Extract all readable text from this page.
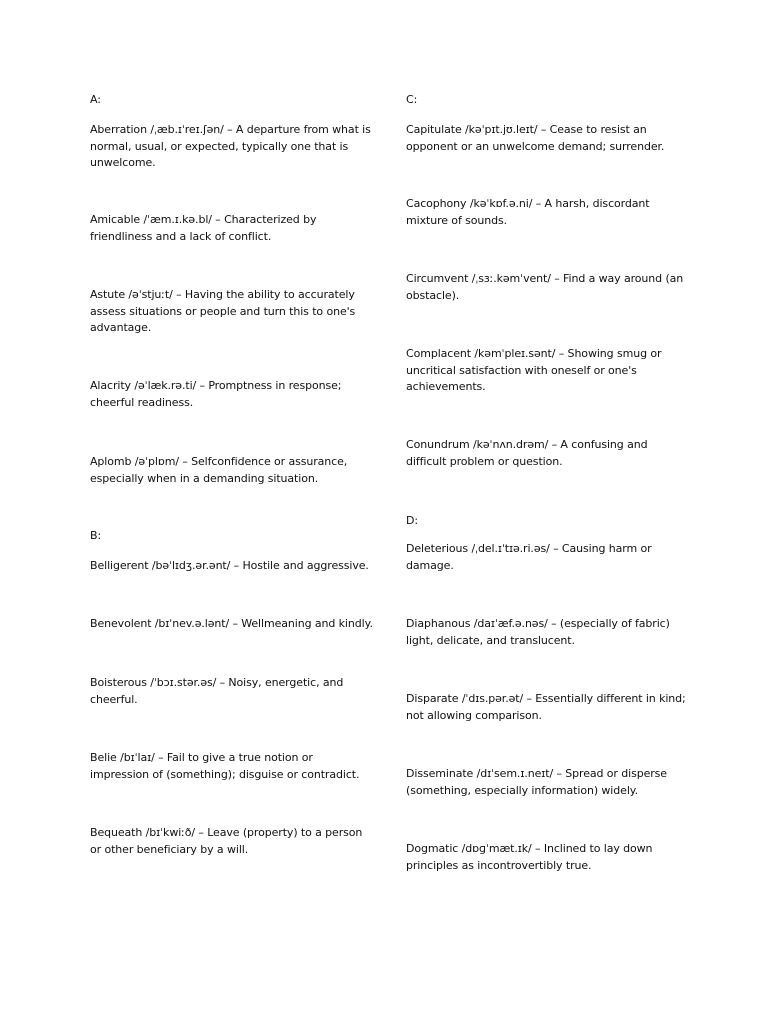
A:

Aberration /ˌæb.ɪˈreɪ.ʃən/ – A departure from what is normal, usual, or expected, typically one that is unwelcome.

Amicable /ˈæm.ɪ.kə.bl/ – Characterized by friendliness and a lack of conflict.

Astute /əˈstjuːt/ – Having the ability to accurately assess situations or people and turn this to one's advantage.

Alacrity /əˈlæk.rə.ti/ – Promptness in response; cheerful readiness.

Aplomb /əˈplɒm/ – Selfconfidence or assurance, especially when in a demanding situation.

B:

Belligerent /bəˈlɪdʒ.ər.ənt/ – Hostile and aggressive.

Benevolent /bɪˈnev.ə.lənt/ – Wellmeaning and kindly.

Boisterous /ˈbɔɪ.stər.əs/ – Noisy, energetic, and cheerful.

Belie /bɪˈlaɪ/ – Fail to give a true notion or impression of (something); disguise or contradict.

Bequeath /bɪˈkwiːð/ – Leave (property) to a person or other beneficiary by a will.

C:

Capitulate /kəˈpɪt.jʊ.leɪt/ – Cease to resist an opponent or an unwelcome demand; surrender.

Cacophony /kəˈkɒf.ə.ni/ – A harsh, discordant mixture of sounds.

Circumvent /ˌsɜː.kəmˈvent/ – Find a way around (an obstacle).

Complacent /kəmˈpleɪ.sənt/ – Showing smug or uncritical satisfaction with oneself or one's achievements.

Conundrum /kəˈnʌn.drəm/ – A confusing and difficult problem or question.

D:

Deleterious /ˌdel.ɪˈtɪə.ri.əs/ – Causing harm or damage.

Diaphanous /daɪˈæf.ə.nəs/ – (especially of fabric) light, delicate, and translucent.

Disparate /ˈdɪs.pər.ət/ – Essentially different in kind; not allowing comparison.

Disseminate /dɪˈsem.ɪ.neɪt/ – Spread or disperse (something, especially information) widely.

Dogmatic /dɒɡˈmæt.ɪk/ – Inclined to lay down principles as incontrovertibly true.
